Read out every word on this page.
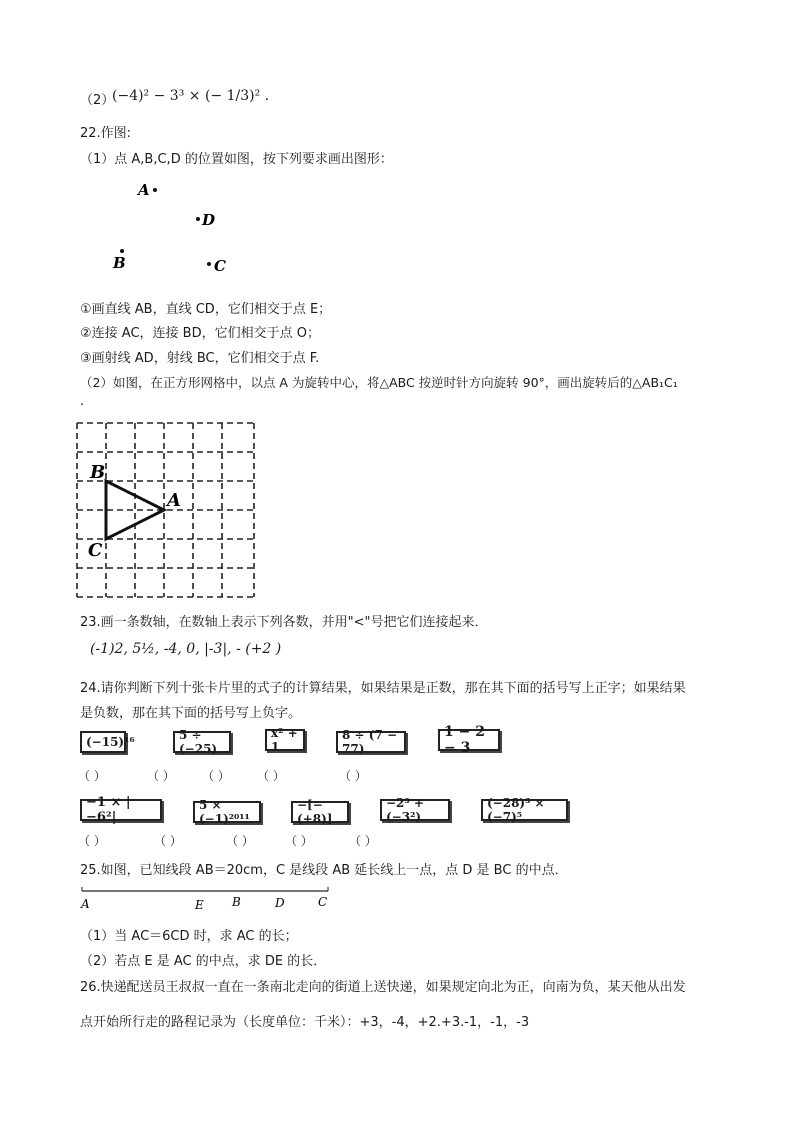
（2）
(−4)² − 3³ × (− 1/3)² .
22.作图:
（1）点 A,B,C,D 的位置如图，按下列要求画出图形：
A
D
B	C
①画直线 AB，直线 CD，它们相交于点 E；
②连接 AC，连接 BD，它们相交于点 O；
③画射线 AD，射线 BC，它们相交于点 F.
（2）如图，在正方形网格中，以点 A 为旋转中心，将△ABC 按逆时针方向旋转 90°，画出旋转后的△AB₁C₁
.
B
A
C
23.画一条数轴，在数轴上表示下列各数，并用"<"号把它们连接起来．
(-1)2, 5½, -4, 0, |-3|, - (+2 )
24.请你判断下列十张卡片里的式子的计算结果，如果结果是正数，那在其下面的括号写上正字；如果结果
是负数，那在其下面的括号写上负字。
(−15)¹⁶	5 ÷ (−25)
x² + 1
8 ÷ (7 − 77)
1 − 2 − 3
（ ）	（ ） （ ） （ ）	（ ）
−1 × |−6²|
5 × (−1)²⁰¹¹
−[−(+8)]
−2³ + (−3²)
(−28)³ × (−7)⁵
（ ）	（ ）	（ ）	（ ）	（ ）
25.如图，已知线段 AB＝20cm，C 是线段 AB 延长线上一点，点 D 是 BC 的中点．
A	E B	D	C
（1）当 AC＝6CD 时，求 AC 的长；
（2）若点 E 是 AC 的中点，求 DE 的长．
26.快递配送员王叔叔一直在一条南北走向的街道上送快递，如果规定向北为正，向南为负，某天他从出发
点开始所行走的路程记录为（长度单位：千米）：+3，-4，+2.+3.-1，-1，-3
